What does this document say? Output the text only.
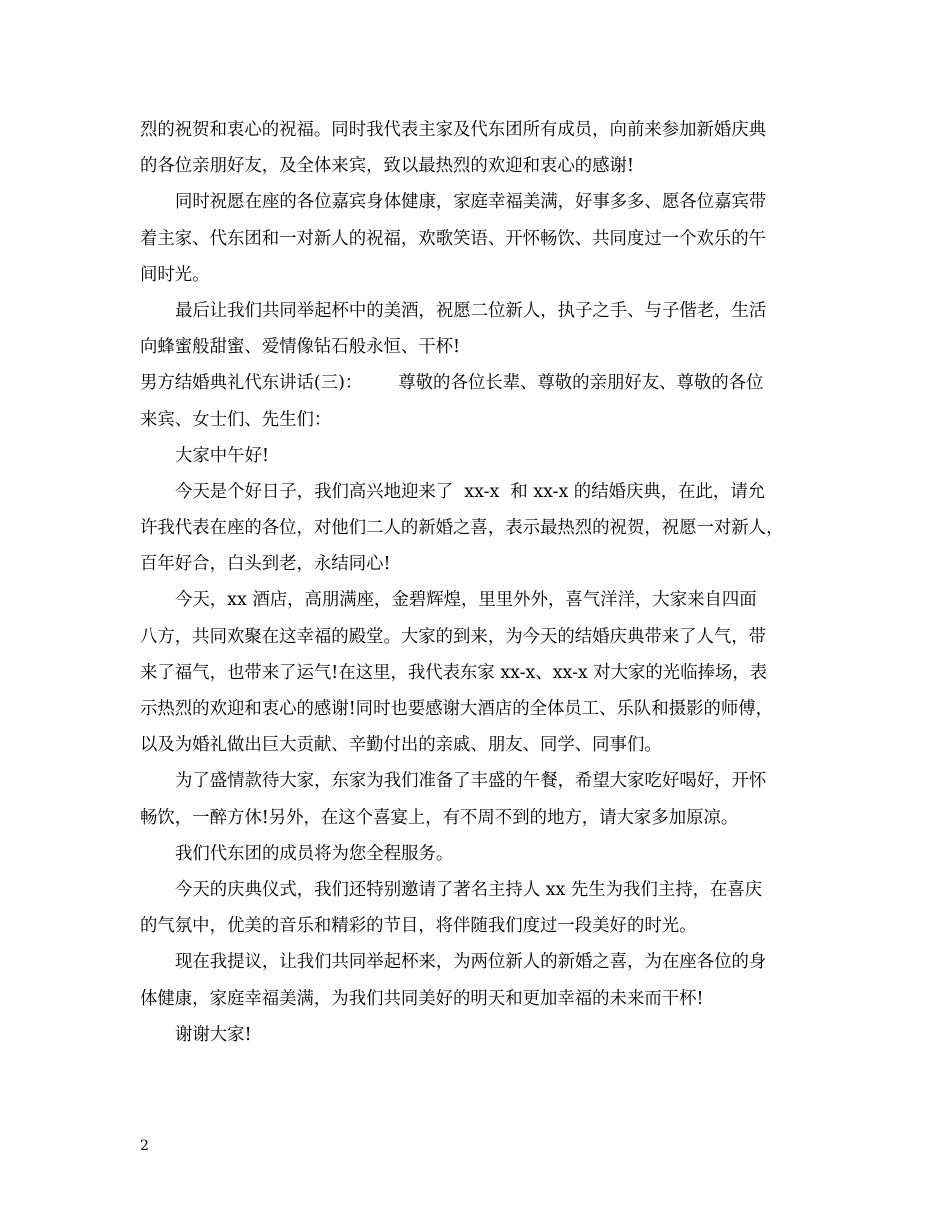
烈的祝贺和衷心的祝福。同时我代表主家及代东团所有成员，向前来参加新婚庆典
的各位亲朋好友，及全体来宾，致以最热烈的欢迎和衷心的感谢!

同时祝愿在座的各位嘉宾身体健康，家庭幸福美满，好事多多、愿各位嘉宾带
着主家、代东团和一对新人的祝福，欢歌笑语、开怀畅饮、共同度过一个欢乐的午
间时光。

最后让我们共同举起杯中的美酒，祝愿二位新人，执子之手、与子偕老，生活
向蜂蜜般甜蜜、爱情像钻石般永恒、干杯!

男方结婚典礼代东讲话(三)： 尊敬的各位长辈、尊敬的亲朋好友、尊敬的各位
来宾、女士们、先生们：

大家中午好!

今天是个好日子，我们高兴地迎来了  xx-x  和 xx-x 的结婚庆典，在此，请允
许我代表在座的各位，对他们二人的新婚之喜，表示最热烈的祝贺，祝愿一对新人，
百年好合，白头到老，永结同心!

今天，xx 酒店，高朋满座，金碧辉煌，里里外外，喜气洋洋，大家来自四面
八方，共同欢聚在这幸福的殿堂。大家的到来，为今天的结婚庆典带来了人气，带
来了福气，也带来了运气!在这里，我代表东家 xx-x、xx-x 对大家的光临捧场，表
示热烈的欢迎和衷心的感谢!同时也要感谢大酒店的全体员工、乐队和摄影的师傅，
以及为婚礼做出巨大贡献、辛勤付出的亲戚、朋友、同学、同事们。

为了盛情款待大家，东家为我们准备了丰盛的午餐，希望大家吃好喝好，开怀
畅饮，一醉方休!另外，在这个喜宴上，有不周不到的地方，请大家多加原凉。

我们代东团的成员将为您全程服务。

今天的庆典仪式，我们还特别邀请了著名主持人 xx 先生为我们主持，在喜庆
的气氛中，优美的音乐和精彩的节目，将伴随我们度过一段美好的时光。

现在我提议，让我们共同举起杯来，为两位新人的新婚之喜，为在座各位的身
体健康，家庭幸福美满，为我们共同美好的明天和更加幸福的未来而干杯!

谢谢大家!

2
